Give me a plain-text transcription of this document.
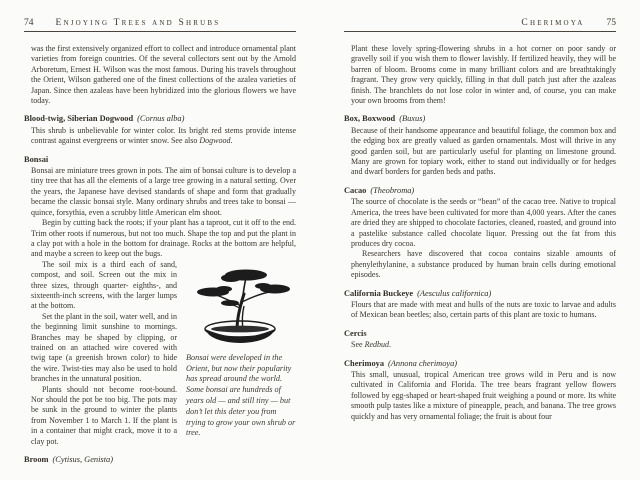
74 Enjoying Trees and Shrubs

was the first extensively organized effort to collect and introduce ornamental plant varieties from foreign countries. Of the several collectors sent out by the Arnold Arboretum, Ernest H. Wilson was the most famous. During his travels throughout the Orient, Wilson gathered one of the finest collections of the azalea varieties of Japan. Since then azaleas have been hybridized into the glorious flowers we have today.

Blood-twig, Siberian Dogwood (Cornus alba)

This shrub is unbelievable for winter color. Its bright red stems provide intense contrast against evergreens or winter snow. See also Dogwood.

Bonsai

Bonsai are miniature trees grown in pots. The aim of bonsai culture is to develop a tiny tree that has all the elements of a large tree growing in a natural setting. Over the years, the Japanese have devised standards of shape and form that gradually became the classic bonsai style. Many ordinary shrubs and trees take to bonsai — quince, forsythia, even a scrubby little American elm shoot.

Begin by cutting back the roots; if your plant has a taproot, cut it off to the end. Trim other roots if numerous, but not too much. Shape the top and put the plant in a clay pot with a hole in the bottom for drainage. Rocks at the bottom are helpful, and maybe a screen to keep out the bugs.

Bonsai were developed in the Orient, but now their popularity has spread around the world. Some bonsai are hundreds of years old — and still tiny — but don’t let this deter you from trying to grow your own shrub or tree.

The soil mix is a third each of sand, compost, and soil. Screen out the mix in three sizes, through quarter- eighths-, and sixteenth-inch screens, with the larger lumps at the bottom.

Set the plant in the soil, water well, and in the beginning limit sunshine to mornings. Branches may be shaped by clipping, or trained on an attached wire covered with twig tape (a greenish brown color) to hide the wire. Twist-ties may also be used to hold branches in the unnatural position.

Plants should not become root-bound. Nor should the pot be too big. The pots may be sunk in the ground to winter the plants from November 1 to March 1. If the plant is in a container that might crack, move it to a clay pot.

Broom (Cytisus, Genista)
Cherimoya 75

Plant these lovely spring-flowering shrubs in a hot corner on poor sandy or gravelly soil if you wish them to flower lavishly. If fertilized heavily, they will be barren of bloom. Brooms come in many brilliant colors and are breathtakingly fragrant. They grow very quickly, filling in that dull patch just after the azaleas finish. The branchlets do not lose color in winter and, of course, you can make your own brooms from them!

Box, Boxwood (Buxus)

Because of their handsome appearance and beautiful foliage, the common box and the edging box are greatly valued as garden ornamentals. Most will thrive in any good garden soil, but are particularly useful for planting on limestone ground. Many are grown for topiary work, either to stand out individually or for hedges and dwarf borders for garden beds and paths.

Cacao (Theobroma)

The source of chocolate is the seeds or “bean” of the cacao tree. Native to tropical America, the trees have been cultivated for more than 4,000 years. After the canes are dried they are shipped to chocolate factories, cleaned, roasted, and ground into a pastelike substance called chocolate liquor. Pressing out the fat from this produces dry cocoa.

Researchers have discovered that cocoa contains sizable amounts of phenylethylanine, a substance produced by human brain cells during emotional episodes.

California Buckeye (Aesculus californica)

Flours that are made with meat and hulls of the nuts are toxic to larvae and adults of Mexican bean beetles; also, certain parts of this plant are toxic to humans.

Cercis

See Redbud.

Cherimoya (Annona cherimoya)

This small, unusual, tropical American tree grows wild in Peru and is now cultivated in California and Florida. The tree bears fragrant yellow flowers followed by egg-shaped or heart-shaped fruit weighing a pound or more. Its white smooth pulp tastes like a mixture of pineapple, peach, and banana. The tree grows quickly and has very ornamental foliage; the fruit is about four
